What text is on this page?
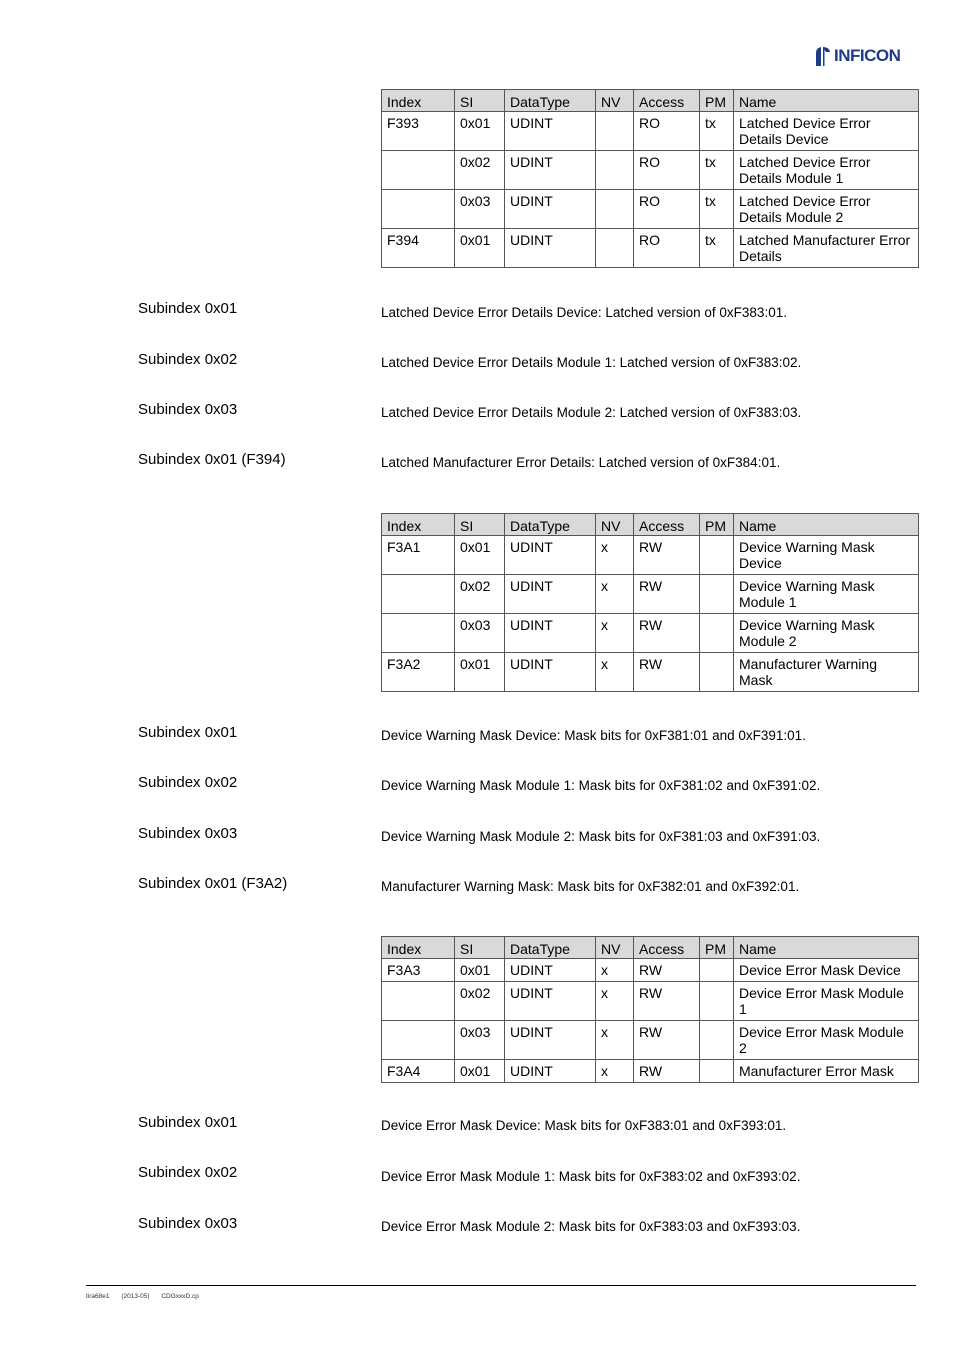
INFICON
Index	SI	DataType	NV	Access	PM	Name
F393	0x01	UDINT		RO	tx	Latched Device Error Details Device
	0x02	UDINT		RO	tx	Latched Device Error Details Module 1
	0x03	UDINT		RO	tx	Latched Device Error Details Module 2
F394	0x01	UDINT		RO	tx	Latched Manufacturer Error Details
Subindex 0x01	Latched Device Error Details Device: Latched version of 0xF383:01.
Subindex 0x02	Latched Device Error Details Module 1: Latched version of 0xF383:02.
Subindex 0x03	Latched Device Error Details Module 2: Latched version of 0xF383:03.
Subindex 0x01 (F394)	Latched Manufacturer Error Details: Latched version of 0xF384:01.
Index	SI	DataType	NV	Access	PM	Name
F3A1	0x01	UDINT	x	RW		Device Warning Mask Device
	0x02	UDINT	x	RW		Device Warning Mask Module 1
	0x03	UDINT	x	RW		Device Warning Mask Module 2
F3A2	0x01	UDINT	x	RW		Manufacturer Warning Mask
Subindex 0x01	Device Warning Mask Device: Mask bits for 0xF381:01 and 0xF391:01.
Subindex 0x02	Device Warning Mask Module 1: Mask bits for 0xF381:02 and 0xF391:02.
Subindex 0x03	Device Warning Mask Module 2: Mask bits for 0xF381:03 and 0xF391:03.
Subindex 0x01 (F3A2)	Manufacturer Warning Mask: Mask bits for 0xF382:01 and 0xF392:01.
Index	SI	DataType	NV	Access	PM	Name
F3A3	0x01	UDINT	x	RW		Device Error Mask Device
	0x02	UDINT	x	RW		Device Error Mask Module 1
	0x03	UDINT	x	RW		Device Error Mask Module 2
F3A4	0x01	UDINT	x	RW		Manufacturer Error Mask
Subindex 0x01	Device Error Mask Device: Mask bits for 0xF383:01 and 0xF393:01.
Subindex 0x02	Device Error Mask Module 1: Mask bits for 0xF383:02 and 0xF393:02.
Subindex 0x03	Device Error Mask Module 2: Mask bits for 0xF383:03 and 0xF393:03.
tira68e1 (2013-05) CDGxxxD.cp
